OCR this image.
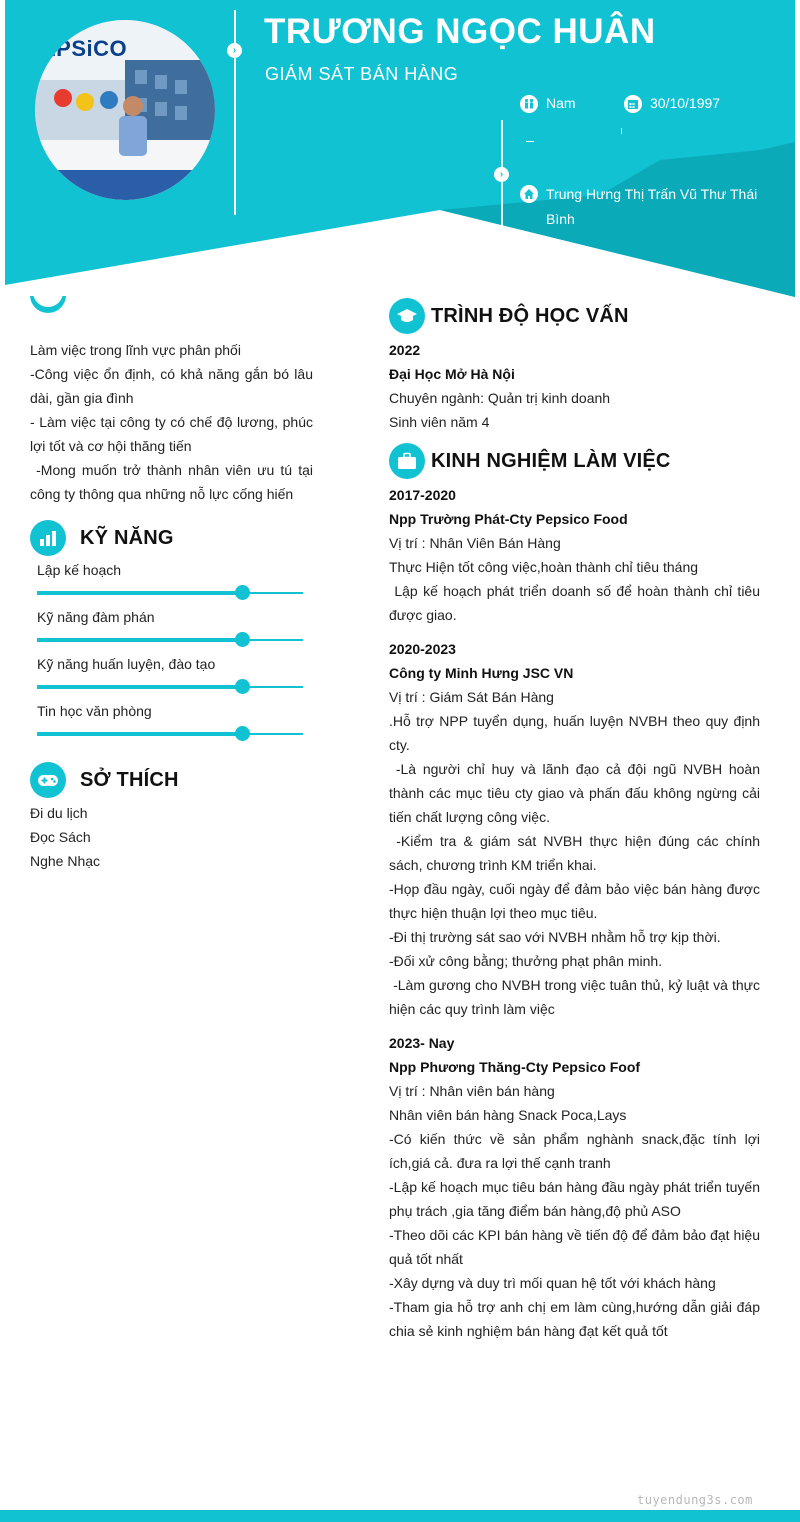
EPSiCO	› TRƯƠNG NGỌC HUÂN
GIÁM SÁT BÁN HÀNG
Nam	30/10/1997
›
Trung Hưng Thị Trấn Vũ Thư Thái Bình
Làm việc trong lĩnh vực phân phối
-Công việc ổn định, có khả năng gắn bó lâu dài, gần gia đình
- Làm việc tại công ty có chế độ lương, phúc lợi tốt và cơ hội thăng tiến
-Mong muốn trở thành nhân viên ưu tú tại công ty thông qua những nỗ lực cống hiến
KỸ NĂNG
Lập kế hoạch
Kỹ năng đàm phán
Kỹ năng huấn luyện, đào tạo
Tin học văn phòng
SỞ THÍCH
Đi du lịch
Đọc Sách
Nghe Nhạc
TRÌNH ĐỘ HỌC VẤN
2022
Đại Học Mở Hà Nội
Chuyên ngành: Quản trị kinh doanh
Sinh viên năm 4
KINH NGHIỆM LÀM VIỆC
2017-2020
Npp Trường Phát-Cty Pepsico Food
Vị trí : Nhân Viên Bán Hàng
Thực Hiện tốt công việc,hoàn thành chỉ tiêu tháng
Lập kế hoạch phát triển doanh số để hoàn thành chỉ tiêu được giao.
2020-2023
Công ty Minh Hưng JSC VN
Vị trí : Giám Sát Bán Hàng
.Hỗ trợ NPP tuyển dụng, huấn luyện NVBH theo quy định cty.
-Là người chỉ huy và lãnh đạo cả đội ngũ NVBH hoàn thành các mục tiêu cty giao và phấn đấu không ngừng cải tiến chất lượng công việc.
-Kiểm tra & giám sát NVBH thực hiện đúng các chính sách, chương trình KM triển khai.
-Họp đầu ngày, cuối ngày để đảm bảo việc bán hàng được thực hiện thuận lợi theo mục tiêu.
-Đi thị trường sát sao với NVBH nhằm hỗ trợ kịp thời.
-Đối xử công bằng; thưởng phạt phân minh.
-Làm gương cho NVBH trong việc tuân thủ, kỷ luật và thực hiện các quy trình làm việc
2023- Nay
Npp Phương Thăng-Cty Pepsico Foof
Vị trí : Nhân viên bán hàng
Nhân viên bán hàng Snack Poca,Lays
-Có kiến thức về sản phẩm nghành snack,đặc tính lợi ích,giá cả. đưa ra lợi thế cạnh tranh
-Lập kế hoạch mục tiêu bán hàng đầu ngày phát triển tuyến phụ trách ,gia tăng điểm bán hàng,độ phủ ASO
-Theo dõi các KPI bán hàng về tiến độ để đảm bảo đạt hiệu quả tốt nhất
-Xây dựng và duy trì mối quan hệ tốt với khách hàng
-Tham gia hỗ trợ anh chị em làm cùng,hướng dẫn giải đáp chia sẻ kinh nghiệm bán hàng đạt kết quả tốt
tuyendung3s.com
